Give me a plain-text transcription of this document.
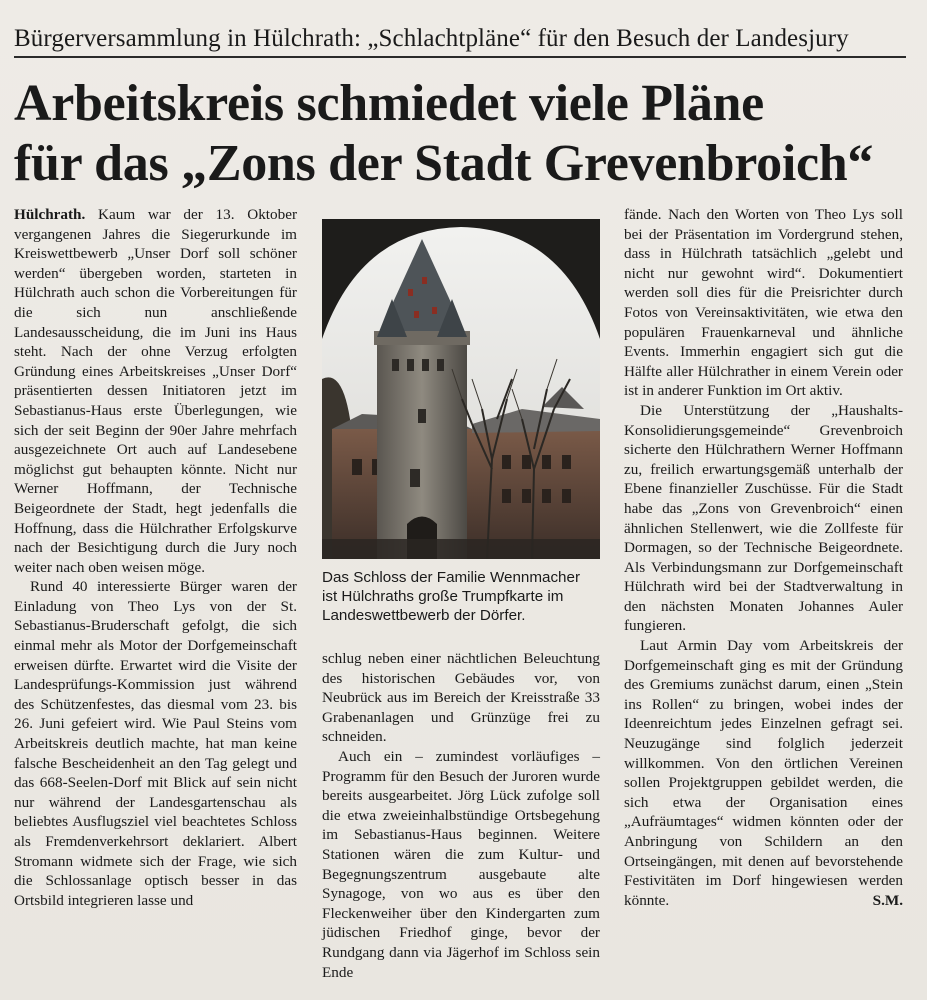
Bürgerversammlung in Hülchrath: „Schlachtpläne“ für den Besuch der Landesjury
Arbeitskreis schmiedet viele Pläne
für das „Zons der Stadt Grevenbroich“

Hülchrath. Kaum war der 13. Oktober vergangenen Jahres die Siegerurkunde im Kreiswettbewerb „Unser Dorf soll schöner werden“ übergeben worden, starteten in Hülchrath auch schon die Vorbereitungen für die sich nun anschließende Landesausscheidung, die im Juni ins Haus steht. Nach der ohne Verzug erfolgten Gründung eines Arbeitskreises „Unser Dorf“ präsentierten dessen Initiatoren jetzt im Sebastianus-Haus erste Überlegungen, wie sich der seit Beginn der 90er Jahre mehrfach ausgezeichnete Ort auch auf Landesebene möglichst gut behaupten könnte. Nicht nur Werner Hoffmann, der Technische Beigeordnete der Stadt, hegt jedenfalls die Hoffnung, dass die Hülchrather Erfolgskurve nach der Besichtigung durch die Jury noch weiter nach oben weisen möge.

Rund 40 interessierte Bürger waren der Einladung von Theo Lys von der St. Sebastianus-Bruderschaft gefolgt, die sich einmal mehr als Motor der Dorfgemeinschaft erweisen dürfte. Erwartet wird die Visite der Landesprüfungs-Kommission just während des Schützenfestes, das diesmal vom 23. bis 26. Juni gefeiert wird. Wie Paul Steins vom Arbeitskreis deutlich machte, hat man keine falsche Bescheidenheit an den Tag gelegt und das 668-Seelen-Dorf mit Blick auf sein nicht nur während der Landesgartenschau als beliebtes Ausflugsziel viel beachtetes Schloss als Fremdenverkehrsort deklariert. Albert Stromann widmete sich der Frage, wie sich die Schlossanlage optisch besser in das Ortsbild integrieren lasse und

Das Schloss der Familie Wennmacher
ist Hülchraths große Trumpfkarte im
Landeswettbewerb der Dörfer.

schlug neben einer nächtlichen Beleuchtung des historischen Gebäudes vor, von Neubrück aus im Bereich der Kreisstraße 33 Grabenanlagen und Grünzüge frei zu schneiden.

Auch ein – zumindest vorläufiges – Programm für den Besuch der Juroren wurde bereits ausgearbeitet. Jörg Lück zufolge soll die etwa zweieinhalbstündige Ortsbegehung im Sebastianus-Haus beginnen. Weitere Stationen wären die zum Kultur- und Begegnungszentrum ausgebaute alte Synagoge, von wo aus es über den Fleckenweiher über den Kindergarten zum jüdischen Friedhof ginge, bevor der Rundgang dann via Jägerhof im Schloss sein Ende

fände. Nach den Worten von Theo Lys soll bei der Präsentation im Vordergrund stehen, dass in Hülchrath tatsächlich „gelebt und nicht nur gewohnt wird“. Dokumentiert werden soll dies für die Preisrichter durch Fotos von Vereinsaktivitäten, wie etwa den populären Frauenkarneval und ähnliche Events. Immerhin engagiert sich gut die Hälfte aller Hülchrather in einem Verein oder ist in anderer Funktion im Ort aktiv.

Die Unterstützung der „Haushalts-Konsolidierungsgemeinde“ Grevenbroich sicherte den Hülchrathern Werner Hoffmann zu, freilich erwartungsgemäß unterhalb der Ebene finanzieller Zuschüsse. Für die Stadt habe das „Zons von Grevenbroich“ einen ähnlichen Stellenwert, wie die Zollfeste für Dormagen, so der Technische Beigeordnete. Als Verbindungsmann zur Dorfgemeinschaft Hülchrath wird bei der Stadtverwaltung in den nächsten Monaten Johannes Auler fungieren.

Laut Armin Day vom Arbeitskreis der Dorfgemeinschaft ging es mit der Gründung des Gremiums zunächst darum, einen „Stein ins Rollen“ zu bringen, wobei indes der Ideenreichtum jedes Einzelnen gefragt sei. Neuzugänge sind folglich jederzeit willkommen. Von den örtlichen Vereinen sollen Projektgruppen gebildet werden, die sich etwa der Organisation eines „Aufräumtages“ widmen könnten oder der Anbringung von Schildern an den Ortseingängen, mit denen auf bevorstehende Festivitäten im Dorf hingewiesen werden könnte.	S.M.
